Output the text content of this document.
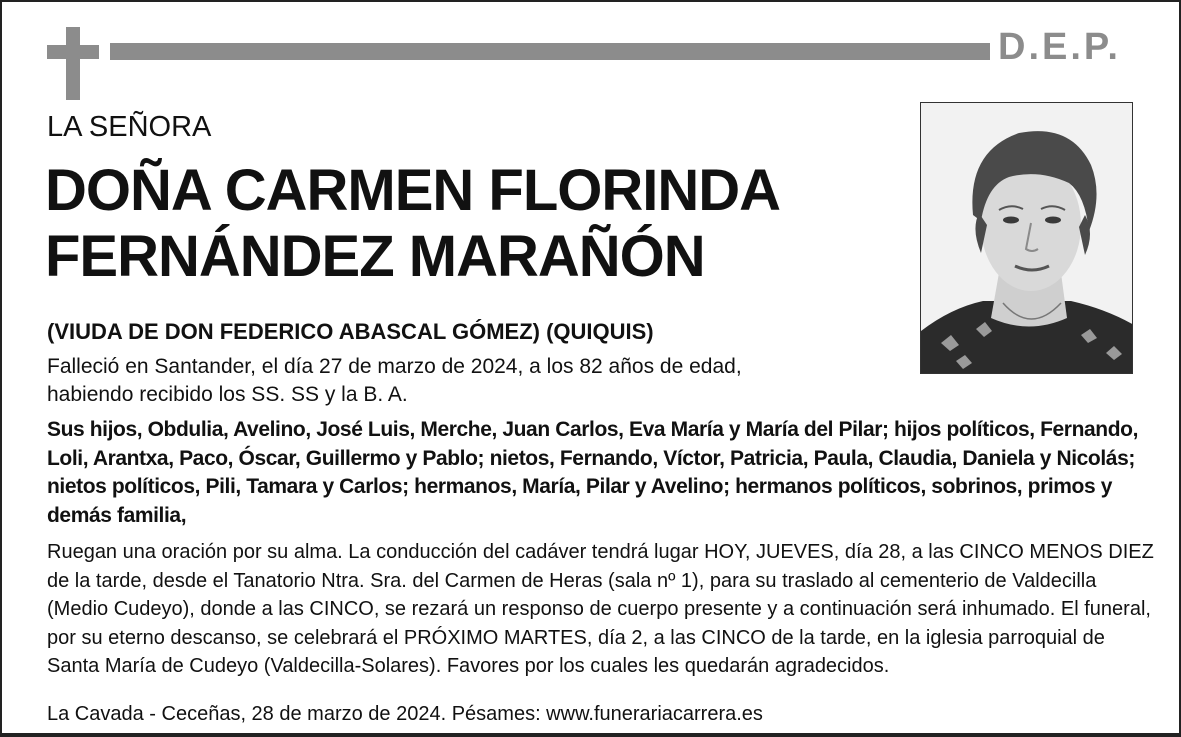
D.E.P.
LA SEÑORA
DOÑA CARMEN FLORINDA
FERNÁNDEZ MARAÑÓN
(VIUDA DE DON FEDERICO ABASCAL GÓMEZ) (QUIQUIS)
Falleció en Santander, el día 27 de marzo de 2024, a los 82 años de edad, habiendo recibido los SS. SS y la B. A.
Sus hijos, Obdulia, Avelino, José Luis, Merche, Juan Carlos, Eva María y María del Pilar; hijos políticos, Fernando, Loli, Arantxa, Paco, Óscar, Guillermo y Pablo; nietos, Fernando, Víctor, Patricia, Paula, Claudia, Daniela y Nicolás; nietos políticos, Pili, Tamara y Carlos; hermanos, María, Pilar y Avelino; hermanos políticos, sobrinos, primos y demás familia,
Ruegan una oración por su alma. La conducción del cadáver tendrá lugar HOY, JUEVES, día 28, a las CINCO MENOS DIEZ de la tarde, desde el Tanatorio Ntra. Sra. del Carmen de Heras (sala nº 1), para su traslado al cementerio de Valdecilla (Medio Cudeyo), donde a las CINCO, se rezará un responso de cuerpo presente y a continuación será inhumado. El funeral, por su eterno descanso, se celebrará el PRÓXIMO MARTES, día 2, a las CINCO de la tarde, en la iglesia parroquial de Santa María de Cudeyo (Valdecilla-Solares). Favores por los cuales les quedarán agradecidos.
La Cavada - Ceceñas, 28 de marzo de 2024. Pésames: www.funerariacarrera.es
